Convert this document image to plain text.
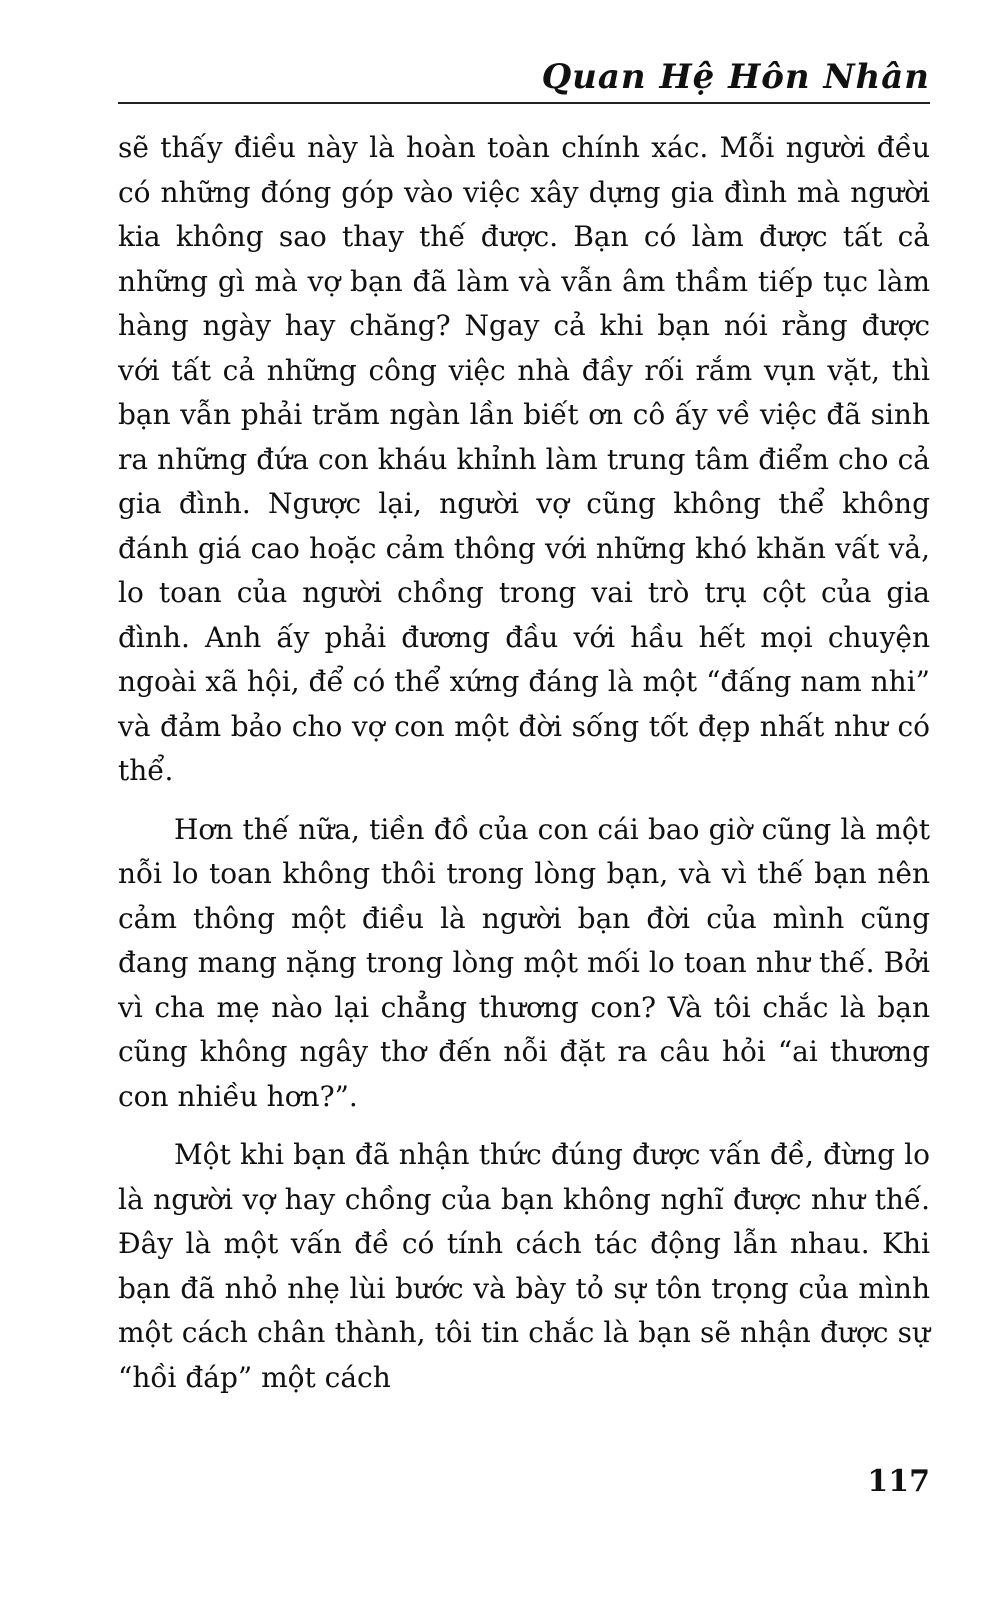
Quan Hệ Hôn Nhân

sẽ thấy điều này là hoàn toàn chính xác. Mỗi người đều có những đóng góp vào việc xây dựng gia đình mà người kia không sao thay thế được. Bạn có làm được tất cả những gì mà vợ bạn đã làm và vẫn âm thầm tiếp tục làm hàng ngày hay chăng? Ngay cả khi bạn nói rằng được với tất cả những công việc nhà đầy rối rắm vụn vặt, thì bạn vẫn phải trăm ngàn lần biết ơn cô ấy về việc đã sinh ra những đứa con kháu khỉnh làm trung tâm điểm cho cả gia đình. Ngược lại, người vợ cũng không thể không đánh giá cao hoặc cảm thông với những khó khăn vất vả, lo toan của người chồng trong vai trò trụ cột của gia đình. Anh ấy phải đương đầu với hầu hết mọi chuyện ngoài xã hội, để có thể xứng đáng là một “đấng nam nhi” và đảm bảo cho vợ con một đời sống tốt đẹp nhất như có thể.

Hơn thế nữa, tiền đồ của con cái bao giờ cũng là một nỗi lo toan không thôi trong lòng bạn, và vì thế bạn nên cảm thông một điều là người bạn đời của mình cũng đang mang nặng trong lòng một mối lo toan như thế. Bởi vì cha mẹ nào lại chẳng thương con? Và tôi chắc là bạn cũng không ngây thơ đến nỗi đặt ra câu hỏi “ai thương con nhiều hơn?”.

Một khi bạn đã nhận thức đúng được vấn đề, đừng lo là người vợ hay chồng của bạn không nghĩ được như thế. Đây là một vấn đề có tính cách tác động lẫn nhau. Khi bạn đã nhỏ nhẹ lùi bước và bày tỏ sự tôn trọng của mình một cách chân thành, tôi tin chắc là bạn sẽ nhận được sự “hồi đáp” một cách

117
